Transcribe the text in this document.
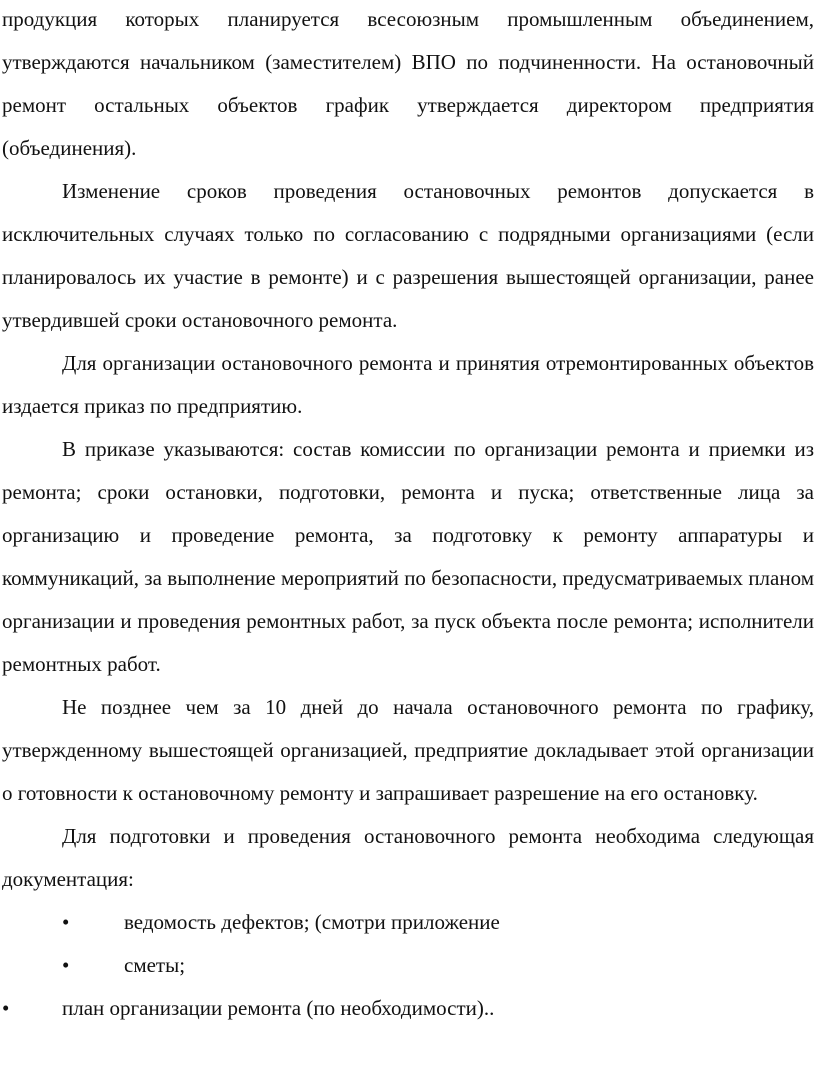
продукция которых планируется всесоюзным промышленным объединением, утверждаются начальником (заместителем) ВПО по подчиненности. На остановочный ремонт остальных объектов график утверждается директором предприятия (объединения).

Изменение сроков проведения остановочных ремонтов допускается в исключительных случаях только по согласованию с подрядными организациями (если планировалось их участие в ремонте) и с разрешения вышестоящей организации, ранее утвердившей сроки остановочного ремонта.

Для организации остановочного ремонта и принятия отремонтированных объектов издается приказ по предприятию.

В приказе указываются: состав комиссии по организации ремонта и приемки из ремонта; сроки остановки, подготовки, ремонта и пуска; ответственные лица за организацию и проведение ремонта, за подготовку к ремонту аппаратуры и коммуникаций, за выполнение мероприятий по безопасности, предусматриваемых планом организации и проведения ремонтных работ, за пуск объекта после ремонта; исполнители ремонтных работ.

Не позднее чем за 10 дней до начала остановочного ремонта по графику, утвержденному вышестоящей организацией, предприятие докладывает этой организации о готовности к остановочному ремонту и запрашивает разрешение на его остановку.

Для подготовки и проведения остановочного ремонта необходима следующая документация:

•	ведомость дефектов; (смотри приложение
•	сметы;
•	план организации ремонта (по необходимости)..
